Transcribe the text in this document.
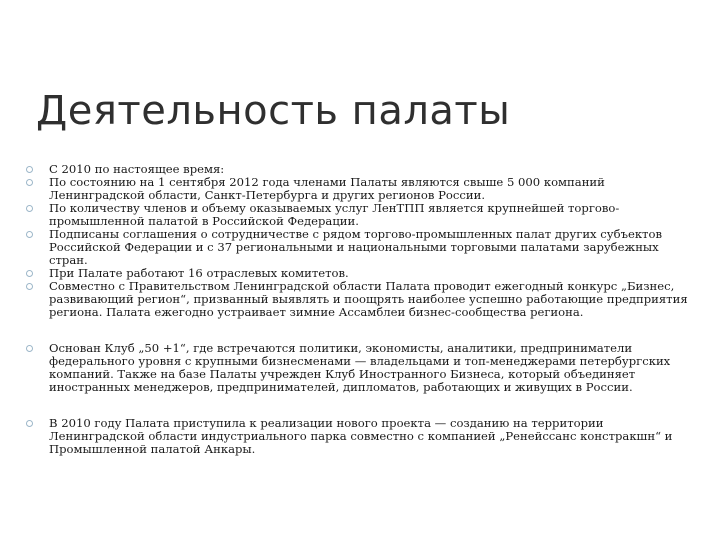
Деятельность палаты
С 2010 по настоящее время:
По состоянию на 1 сентября 2012 года членами Палаты являются свыше 5 000 компаний Ленинградской области, Санкт-Петербурга и других регионов России.
По количеству членов и объему оказываемых услуг ЛенТПП является крупнейшей торгово-промышленной палатой в Российской Федерации.
Подписаны соглашения о сотрудничестве с рядом торгово-промышленных палат других субъектов Российской Федерации и с 37 региональными и национальными торговыми палатами зарубежных стран.
При Палате работают 16 отраслевых комитетов.
Совместно с Правительством Ленинградской области Палата проводит ежегодный конкурс „Бизнес, развивающий регион“, призванный выявлять и поощрять наиболее успешно работающие предприятия региона. Палата ежегодно устраивает зимние Ассамблеи бизнес-сообщества региона.
Основан Клуб „50 +1“, где встречаются политики, экономисты, аналитики, предприниматели федерального уровня с крупными бизнесменами — владельцами и топ-менеджерами петербургских компаний. Также на базе Палаты учрежден Клуб Иностранного Бизнеса, который объединяет иностранных менеджеров, предпринимателей, дипломатов, работающих и живущих в России.
В 2010 году Палата приступила к реализации нового проекта — созданию на территории Ленинградской области индустриального парка совместно с компанией „Ренейссанс констракшн“ и Промышленной палатой Анкары.
